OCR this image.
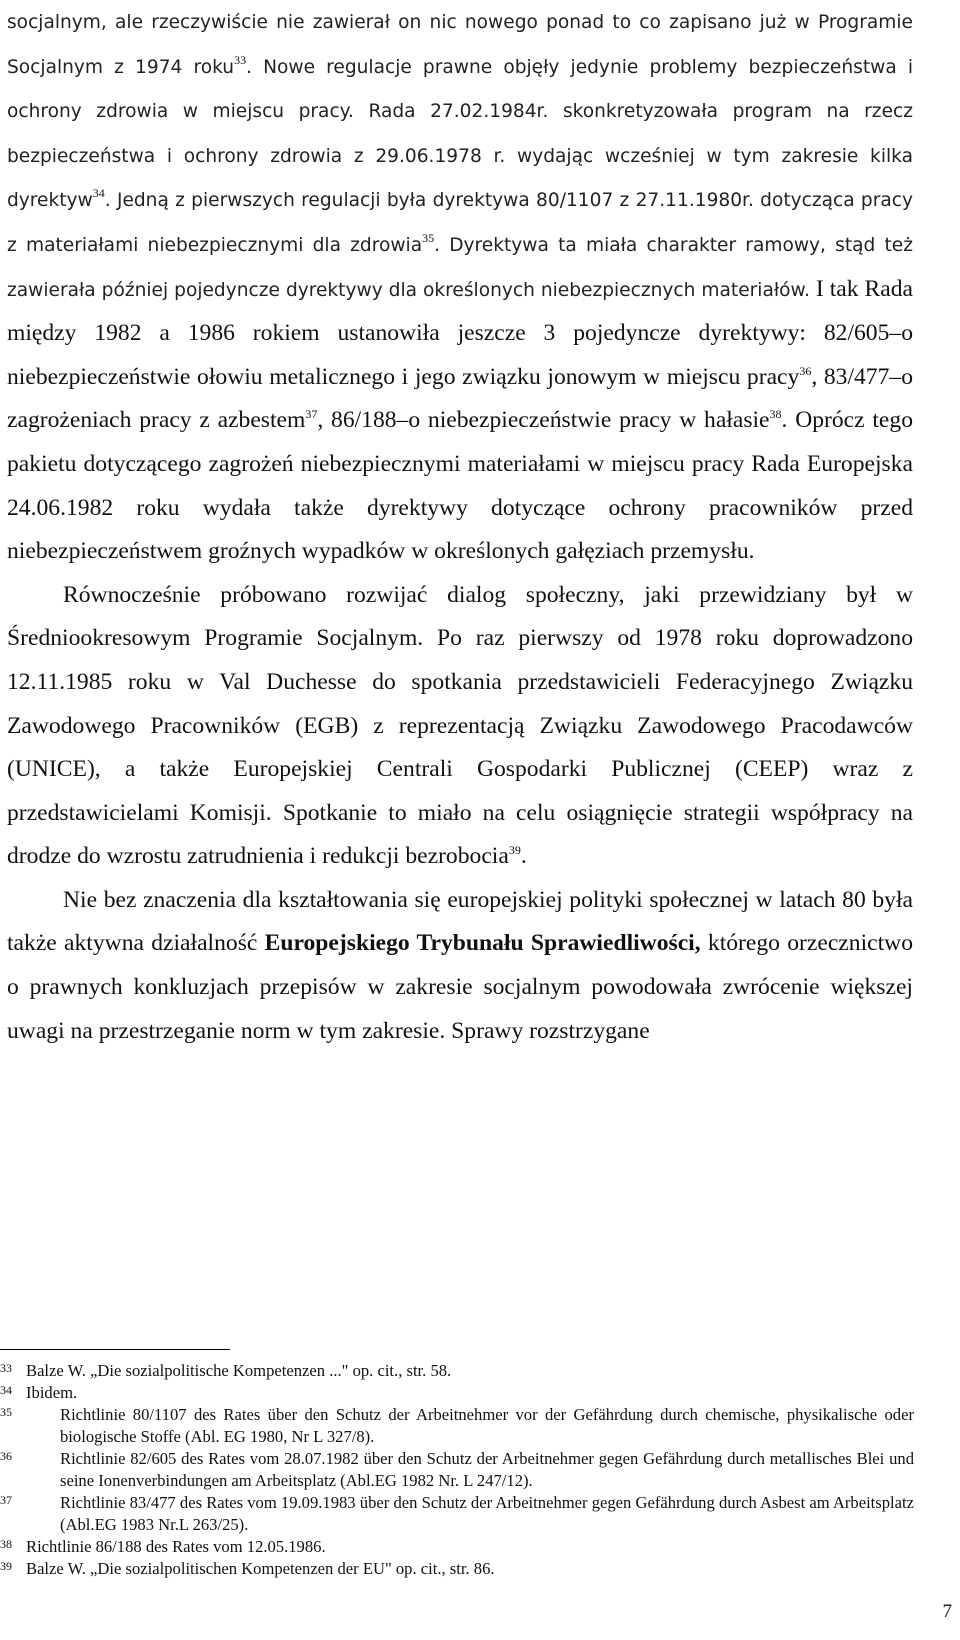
socjalnym, ale rzeczywiście nie zawierał on nic nowego ponad to co zapisano już w Programie Socjalnym z 1974 roku$^{33}$. Nowe regulacje prawne objęły jedynie problemy bezpieczeństwa i ochrony zdrowia w miejscu pracy. Rada 27.02.1984r. skonkretyzowała program na rzecz bezpieczeństwa i ochrony zdrowia z 29.06.1978 r. wydając wcześniej w tym zakresie kilka dyrektyw$^{34}$. Jedną z pierwszych regulacji była dyrektywa 80/1107 z 27.11.1980r. dotycząca pracy z materiałami niebezpiecznymi dla zdrowia$^{35}$. Dyrektywa ta miała charakter ramowy, stąd też zawierała później pojedyncze dyrektywy dla określonych niebezpiecznych materiałów. I tak Rada między 1982 a 1986 rokiem ustanowiła jeszcze 3 pojedyncze dyrektywy: 82/605–o niebezpieczeństwie ołowiu metalicznego i jego związku jonowym w miejscu pracy$^{36}$, 83/477–o zagrożeniach pracy z azbestem$^{37}$, 86/188–o niebezpieczeństwie pracy w hałasie$^{38}$. Oprócz tego pakietu dotyczącego zagrożeń niebezpiecznymi materiałami w miejscu pracy Rada Europejska 24.06.1982 roku wydała także dyrektywy dotyczące ochrony pracowników przed niebezpieczeństwem groźnych wypadków w określonych gałęziach przemysłu.

Równocześnie próbowano rozwijać dialog społeczny, jaki przewidziany był w Średniookresowym Programie Socjalnym. Po raz pierwszy od 1978 roku doprowadzono 12.11.1985 roku w Val Duchesse do spotkania przedstawicieli Federacyjnego Związku Zawodowego Pracowników (EGB) z reprezentacją Związku Zawodowego Pracodawców (UNICE), a także Europejskiej Centrali Gospodarki Publicznej (CEEP) wraz z przedstawicielami Komisji. Spotkanie to miało na celu osiągnięcie strategii współpracy na drodze do wzrostu zatrudnienia i redukcji bezrobocia$^{39}$.

Nie bez znaczenia dla kształtowania się europejskiej polityki społecznej w latach 80 była także aktywna działalność Europejskiego Trybunału Sprawiedliwości, którego orzecznictwo o prawnych konkluzjach przepisów w zakresie socjalnym powodowała zwrócenie większej uwagi na przestrzeganie norm w tym zakresie. Sprawy rozstrzygane

33 Balze W. „Die sozialpolitische Kompetenzen ..." op. cit., str. 58.
34 Ibidem.
35	Richtlinie 80/1107 des Rates über den Schutz der Arbeitnehmer vor der Gefährdung durch chemische, physikalische oder biologische Stoffe (Abl. EG 1980, Nr L 327/8).
36	Richtlinie 82/605 des Rates vom 28.07.1982 über den Schutz der Arbeitnehmer gegen Gefährdung durch metallisches Blei und seine Ionenverbindungen am Arbeitsplatz (Abl.EG 1982 Nr. L 247/12).
37	Richtlinie 83/477 des Rates vom 19.09.1983 über den Schutz der Arbeitnehmer gegen Gefährdung durch Asbest am Arbeitsplatz (Abl.EG 1983 Nr.L 263/25).
38 Richtlinie 86/188 des Rates vom 12.05.1986.
39 Balze W. „Die sozialpolitischen Kompetenzen der EU" op. cit., str. 86.
7
